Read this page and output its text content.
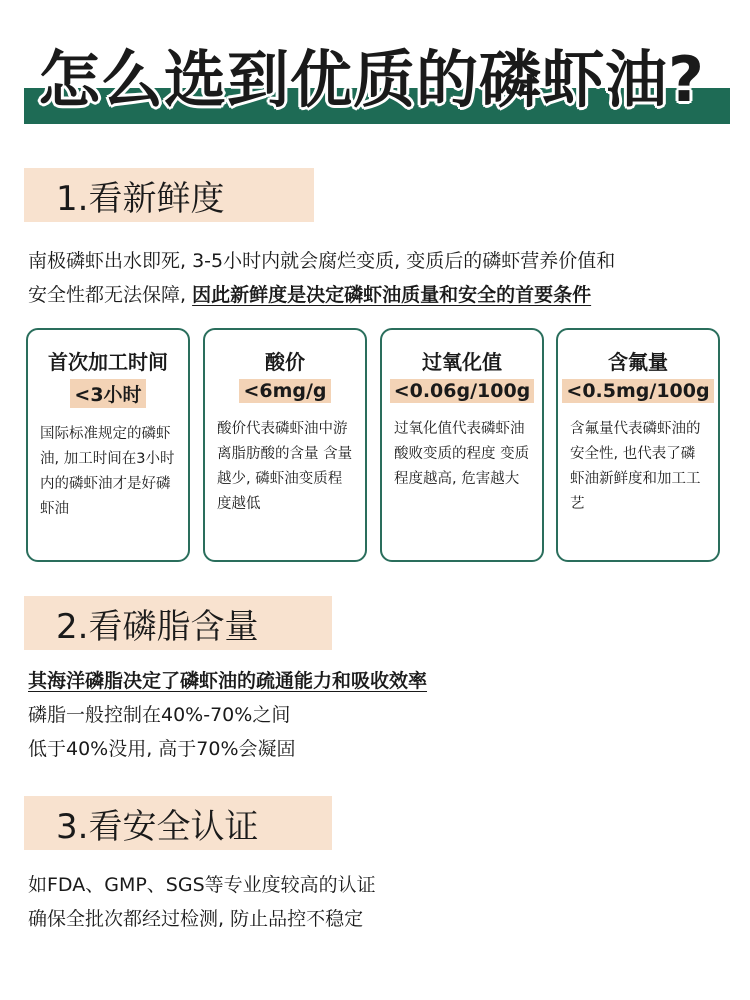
怎么选到优质的磷虾油?
1.看新鲜度
南极磷虾出水即死, 3-5小时内就会腐烂变质, 变质后的磷虾营养价值和
安全性都无法保障, 因此新鲜度是决定磷虾油质量和安全的首要条件
首次加工时间
<3小时
国际标准规定的磷虾油, 加工时间在3小时内的磷虾油才是好磷虾油
酸价
<6mg/g
酸价代表磷虾油中游离脂肪酸的含量 含量越少, 磷虾油变质程度越低
过氧化值
<0.06g/100g
过氧化值代表磷虾油酸败变质的程度 变质程度越高, 危害越大
含氟量
<0.5mg/100g
含氟量代表磷虾油的安全性, 也代表了磷虾油新鲜度和加工工艺
2.看磷脂含量
其海洋磷脂决定了磷虾油的疏通能力和吸收效率
磷脂一般控制在40%-70%之间
低于40%没用, 高于70%会凝固
3.看安全认证
如FDA、GMP、SGS等专业度较高的认证
确保全批次都经过检测, 防止品控不稳定
